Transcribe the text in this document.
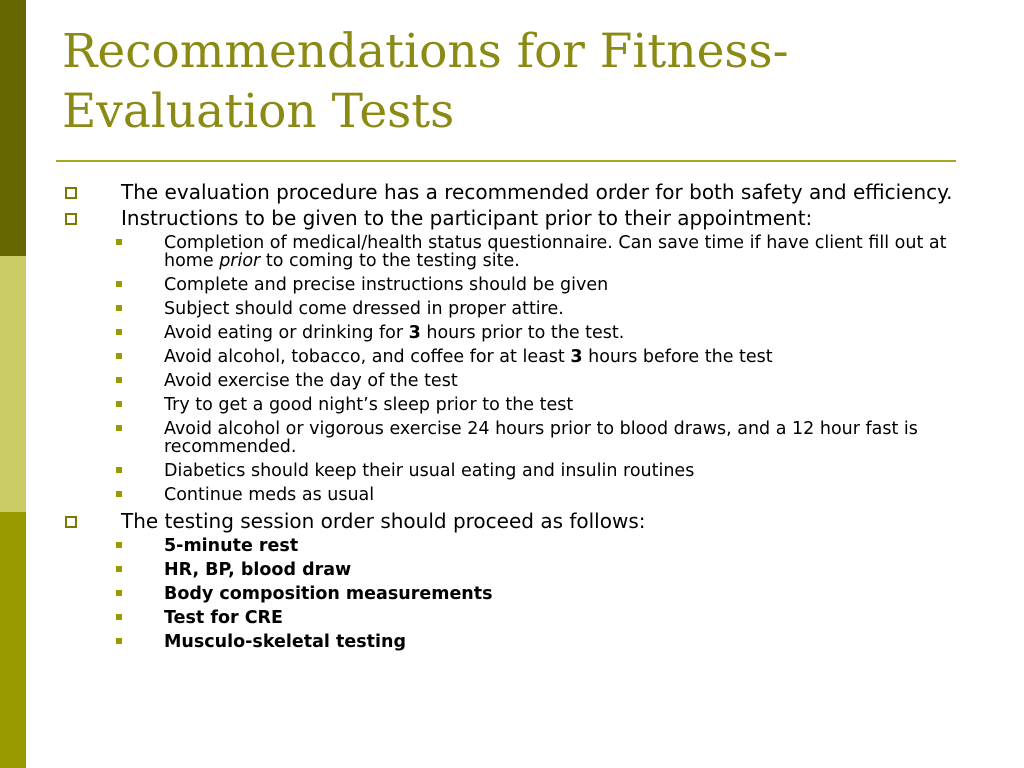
Recommendations for Fitness-
Evaluation Tests
The evaluation procedure has a recommended order for both safety and efficiency.
Instructions to be given to the participant prior to their appointment:
Completion of medical/health status questionnaire. Can save time if have client fill out at home prior to coming to the testing site.
Complete and precise instructions should be given
Subject should come dressed in proper attire.
Avoid eating or drinking for 3 hours prior to the test.
Avoid alcohol, tobacco, and coffee for at least 3 hours before the test
Avoid exercise the day of the test
Try to get a good night’s sleep prior to the test
Avoid alcohol or vigorous exercise 24 hours prior to blood draws, and a 12 hour fast is recommended.
Diabetics should keep their usual eating and insulin routines
Continue meds as usual
The testing session order should proceed as follows:
5-minute rest
HR, BP, blood draw
Body composition measurements
Test for CRE
Musculo-skeletal testing
